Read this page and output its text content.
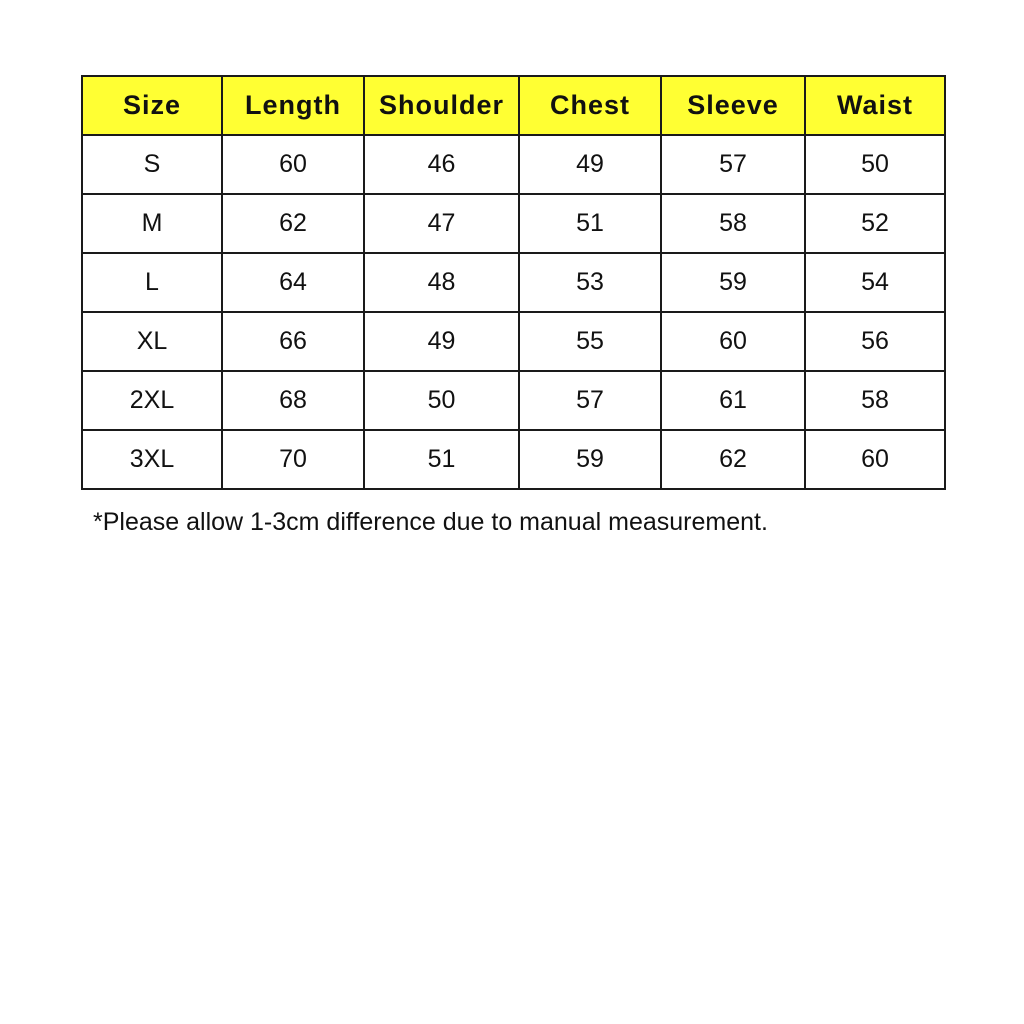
Size	Length	Shoulder	Chest	Sleeve	Waist
S	60	46	49	57	50
M	62	47	51	58	52
L	64	48	53	59	54
XL	66	49	55	60	56
2XL	68	50	57	61	58
3XL	70	51	59	62	60

*Please allow 1-3cm difference due to manual measurement.
